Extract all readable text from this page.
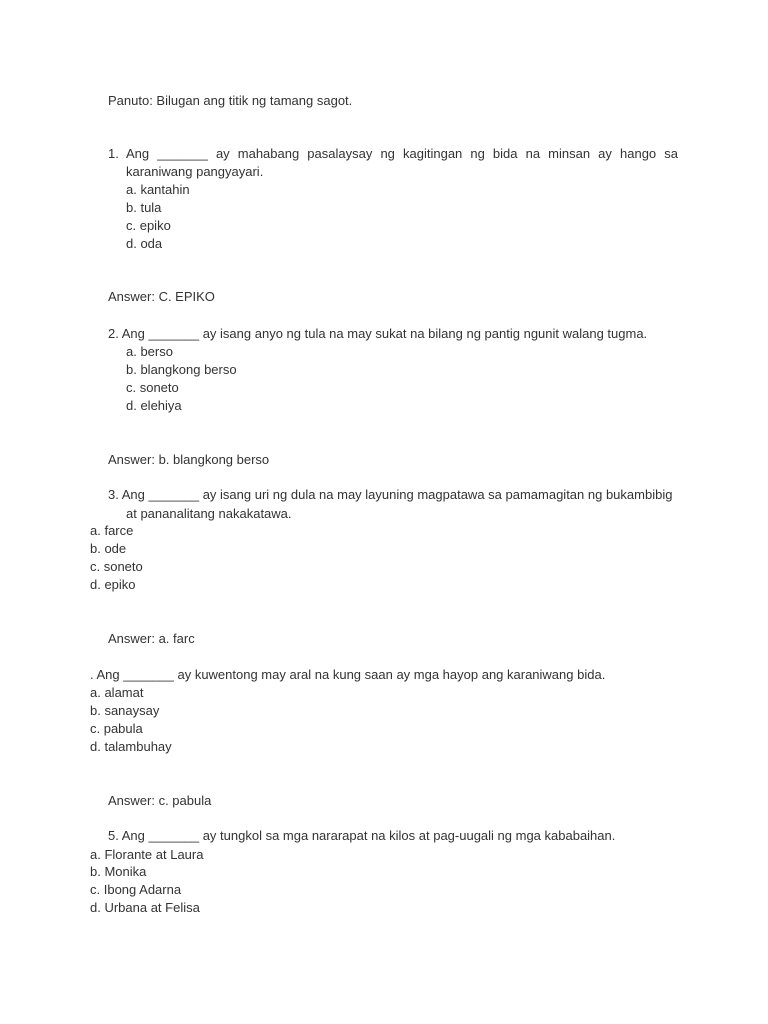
Panuto: Bilugan ang titik ng tamang sagot.
1. Ang _______ ay mahabang pasalaysay ng kagitingan ng bida na minsan ay hango sa
karaniwang pangyayari.
a. kantahin
b. tula
c. epiko
d. oda
Answer: C. EPIKO
2. Ang _______ ay isang anyo ng tula na may sukat na bilang ng pantig ngunit walang tugma.
a. berso
b. blangkong berso
c. soneto
d. elehiya
Answer: b. blangkong berso
3. Ang _______ ay isang uri ng dula na may layuning magpatawa sa pamamagitan ng bukambibig
at pananalitang nakakatawa.
a. farce
b. ode
c. soneto
d. epiko
Answer: a. farc
. Ang _______ ay kuwentong may aral na kung saan ay mga hayop ang karaniwang bida.
a. alamat
b. sanaysay
c. pabula
d. talambuhay
Answer: c. pabula
5. Ang _______ ay tungkol sa mga nararapat na kilos at pag-uugali ng mga kababaihan.
a. Florante at Laura
b. Monika
c. Ibong Adarna
d. Urbana at Felisa
